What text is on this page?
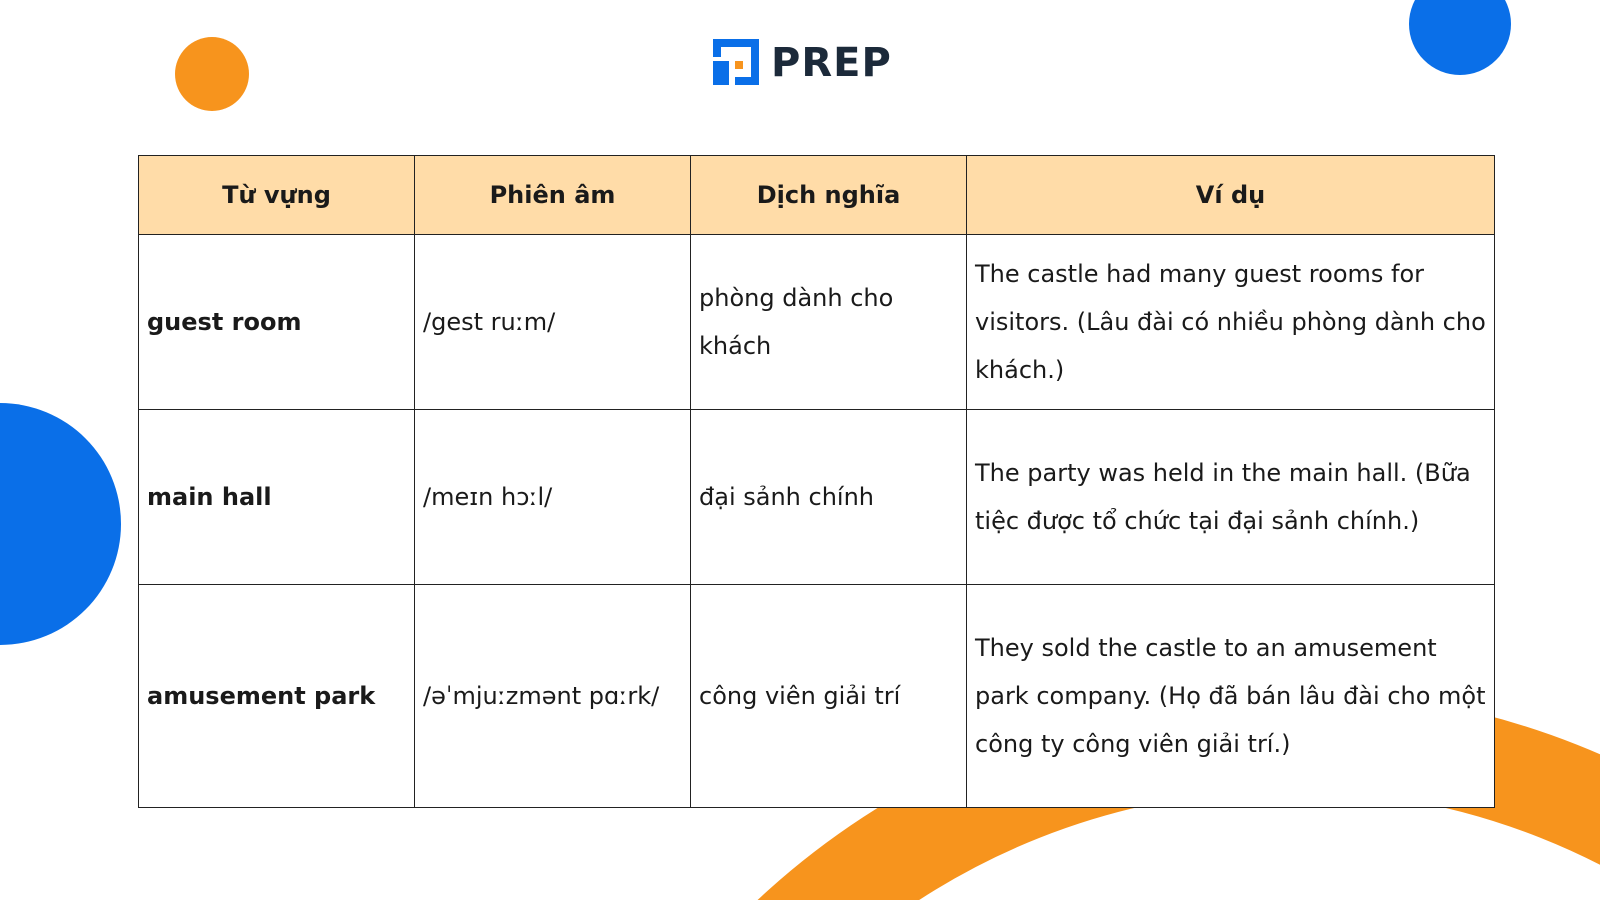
PREP
Từ vựng	Phiên âm	Dịch nghĩa	Ví dụ
guest room	/gest ruːm/	phòng dành cho khách	The castle had many guest rooms for visitors. (Lâu đài có nhiều phòng dành cho khách.)
main hall	/meɪn hɔːl/	đại sảnh chính	The party was held in the main hall. (Bữa tiệc được tổ chức tại đại sảnh chính.)
amusement park	/əˈmjuːzmənt pɑːrk/	công viên giải trí	They sold the castle to an amusement park company. (Họ đã bán lâu đài cho một công ty công viên giải trí.)
